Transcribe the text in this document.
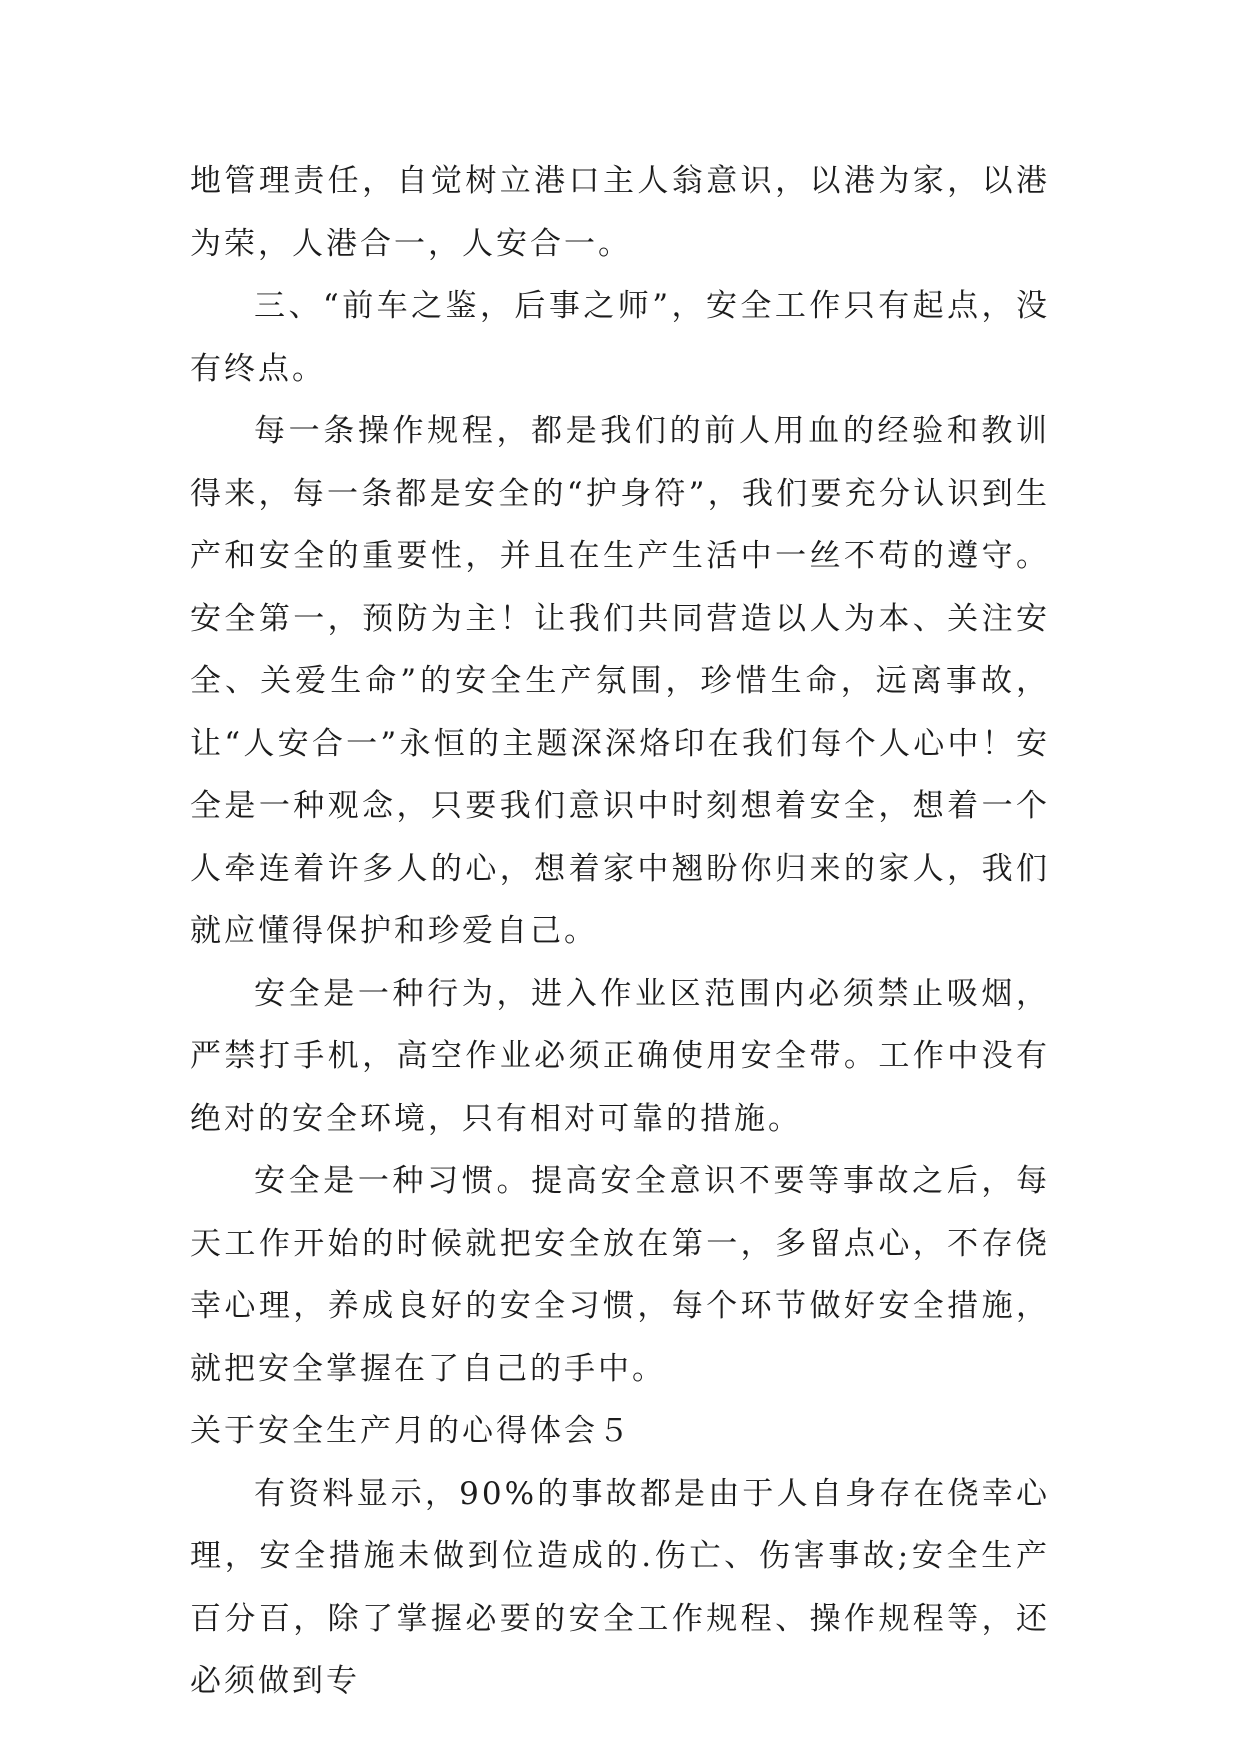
地管理责任，自觉树立港口主人翁意识，以港为家，以港为荣，人港合一，人安合一。

三、“前车之鉴，后事之师”，安全工作只有起点，没有终点。

每一条操作规程，都是我们的前人用血的经验和教训得来，每一条都是安全的“护身符”，我们要充分认识到生产和安全的重要性，并且在生产生活中一丝不苟的遵守。安全第一，预防为主！让我们共同营造以人为本、关注安全、关爱生命”的安全生产氛围，珍惜生命，远离事故，让“人安合一”永恒的主题深深烙印在我们每个人心中！安全是一种观念，只要我们意识中时刻想着安全，想着一个人牵连着许多人的心，想着家中翘盼你归来的家人，我们就应懂得保护和珍爱自己。

安全是一种行为，进入作业区范围内必须禁止吸烟，严禁打手机，高空作业必须正确使用安全带。工作中没有绝对的安全环境，只有相对可靠的措施。

安全是一种习惯。提高安全意识不要等事故之后，每天工作开始的时候就把安全放在第一，多留点心，不存侥幸心理，养成良好的安全习惯，每个环节做好安全措施，就把安全掌握在了自己的手中。

关于安全生产月的心得体会５

有资料显示，90%的事故都是由于人自身存在侥幸心理，安全措施未做到位造成的.伤亡、伤害事故;安全生产百分百，除了掌握必要的安全工作规程、操作规程等，还必须做到专
